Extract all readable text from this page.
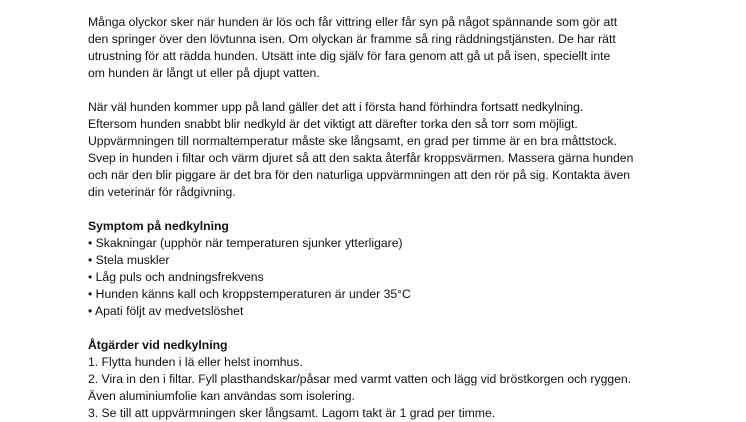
Många olyckor sker när hunden är lös och får vittring eller får syn på något spännande som gör att
den springer över den lövtunna isen. Om olyckan är framme så ring räddningstjänsten. De har rätt
utrustning för att rädda hunden. Utsätt inte dig själv för fara genom att gå ut på isen, speciellt inte
om hunden är långt ut eller på djupt vatten.

När väl hunden kommer upp på land gäller det att i första hand förhindra fortsatt nedkylning.
Eftersom hunden snabbt blir nedkyld är det viktigt att därefter torka den så torr som möjligt.
Uppvärmningen till normaltemperatur måste ske långsamt, en grad per timme är en bra måttstock.
Svep in hunden i filtar och värm djuret så att den sakta återfår kroppsvärmen. Massera gärna hunden
och när den blir piggare är det bra för den naturliga uppvärmningen att den rör på sig. Kontakta även
din veterinär för rådgivning.

Symptom på nedkylning

• Skakningar (upphör när temperaturen sjunker ytterligare)
• Stela muskler
• Låg puls och andningsfrekvens
• Hunden känns kall och kroppstemperaturen är under 35°C
• Apati följt av medvetslöshet

Åtgärder vid nedkylning

1. Flytta hunden i lä eller helst inomhus.
2. Vira in den i filtar. Fyll plasthandskar/påsar med varmt vatten och lägg vid bröstkorgen och ryggen.
Även aluminiumfolie kan användas som isolering.
3. Se till att uppvärmningen sker långsamt. Lagom takt är 1 grad per timme.
